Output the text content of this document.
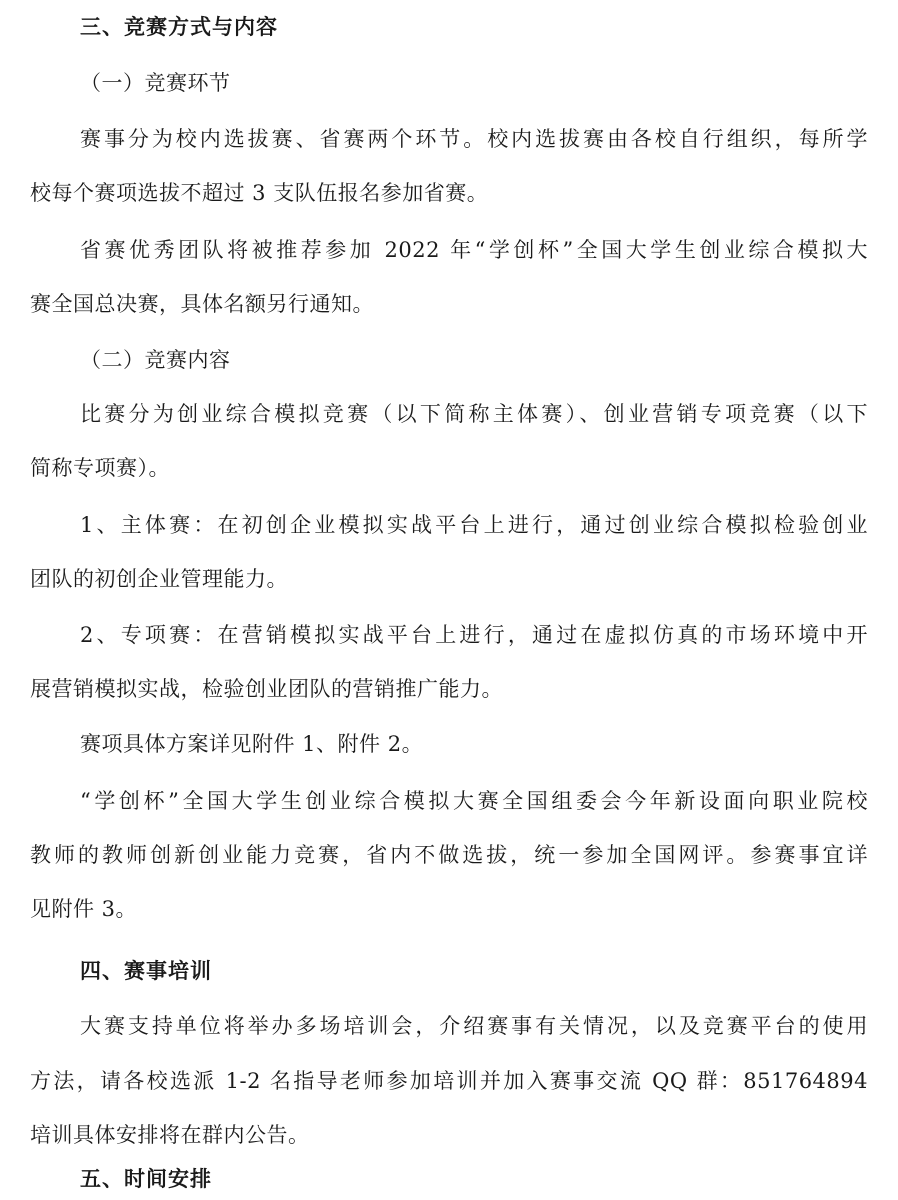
三、竞赛方式与内容
（一）竞赛环节
赛事分为校内选拔赛、省赛两个环节。校内选拔赛由各校自行组织，每所学
校每个赛项选拔不超过 3 支队伍报名参加省赛。
省赛优秀团队将被推荐参加 2022 年“学创杯”全国大学生创业综合模拟大
赛全国总决赛，具体名额另行通知。
（二）竞赛内容
比赛分为创业综合模拟竞赛（以下简称主体赛）、创业营销专项竞赛（以下
简称专项赛）。
1、主体赛：在初创企业模拟实战平台上进行，通过创业综合模拟检验创业
团队的初创企业管理能力。
2、专项赛：在营销模拟实战平台上进行，通过在虚拟仿真的市场环境中开
展营销模拟实战，检验创业团队的营销推广能力。
赛项具体方案详见附件 1、附件 2。
“学创杯”全国大学生创业综合模拟大赛全国组委会今年新设面向职业院校
教师的教师创新创业能力竞赛，省内不做选拔，统一参加全国网评。参赛事宜详
见附件 3。
四、赛事培训
大赛支持单位将举办多场培训会，介绍赛事有关情况，以及竞赛平台的使用
方法，请各校选派 1-2 名指导老师参加培训并加入赛事交流 QQ 群：851764894
培训具体安排将在群内公告。
五、时间安排
